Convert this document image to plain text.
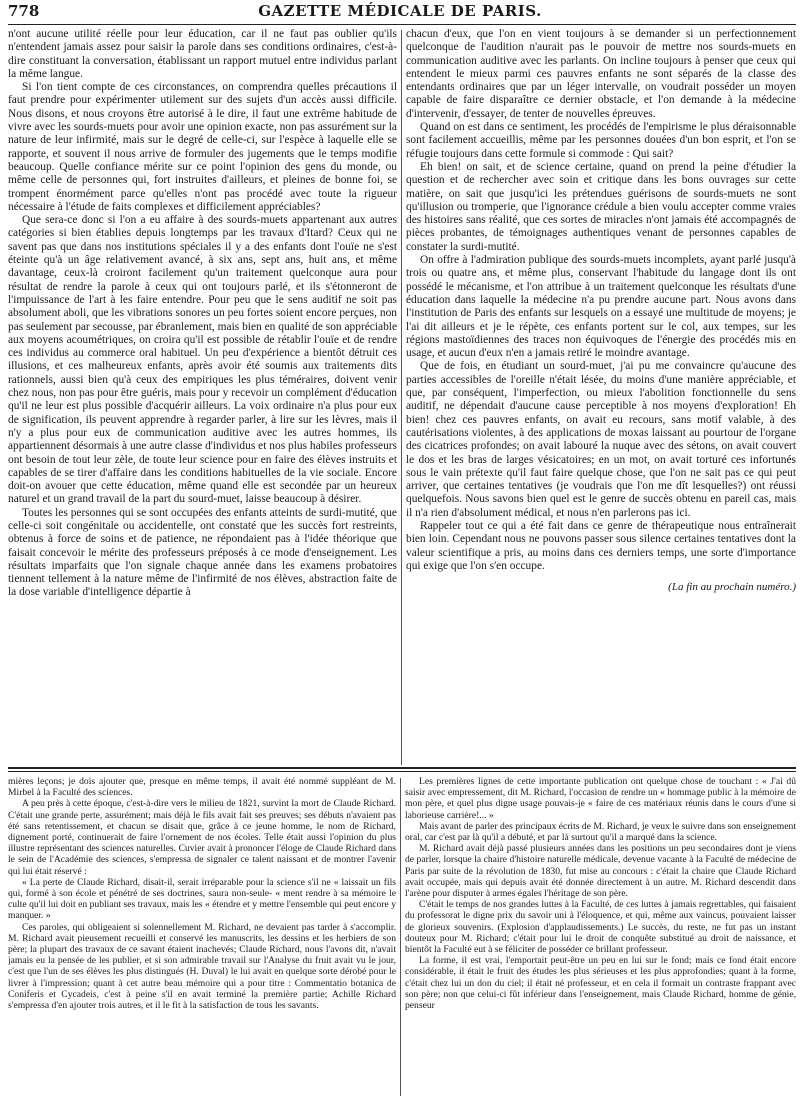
778	GAZETTE MÉDICALE DE PARIS.

n'ont aucune utilité réelle pour leur éducation, car il ne faut pas oublier qu'ils n'entendent jamais assez pour saisir la parole dans ses conditions ordinaires, c'est-à-dire constituant la conversation, établissant un rapport mutuel entre individus parlant la même langue.

Si l'on tient compte de ces circonstances, on comprendra quelles précautions il faut prendre pour expérimenter utilement sur des sujets d'un accès aussi difficile. Nous disons, et nous croyons être autorisé à le dire, il faut une extrême habitude de vivre avec les sourds-muets pour avoir une opinion exacte, non pas assurément sur la nature de leur infirmité, mais sur le degré de celle-ci, sur l'espèce à laquelle elle se rapporte, et souvent il nous arrive de formuler des jugements que le temps modifie beaucoup. Quelle confiance mérite sur ce point l'opinion des gens du monde, ou même celle de personnes qui, fort instruites d'ailleurs, et pleines de bonne foi, se trompent énormément parce qu'elles n'ont pas procédé avec toute la rigueur nécessaire à l'étude de faits complexes et difficilement appréciables?

Que sera-ce donc si l'on a eu affaire à des sourds-muets appartenant aux autres catégories si bien établies depuis longtemps par les travaux d'Itard? Ceux qui ne savent pas que dans nos institutions spéciales il y a des enfants dont l'ouïe ne s'est éteinte qu'à un âge relativement avancé, à six ans, sept ans, huit ans, et même davantage, ceux-là croiront facilement qu'un traitement quelconque aura pour résultat de rendre la parole à ceux qui ont toujours parlé, et ils s'étonneront de l'impuissance de l'art à les faire entendre. Pour peu que le sens auditif ne soit pas absolument aboli, que les vibrations sonores un peu fortes soient encore perçues, non pas seulement par secousse, par ébranlement, mais bien en qualité de son appréciable aux moyens acoumétriques, on croira qu'il est possible de rétablir l'ouïe et de rendre ces individus au commerce oral habituel. Un peu d'expérience a bientôt détruit ces illusions, et ces malheureux enfants, après avoir été soumis aux traitements dits rationnels, aussi bien qu'à ceux des empiriques les plus téméraires, doivent venir chez nous, non pas pour être guéris, mais pour y recevoir un complément d'éducation qu'il ne leur est plus possible d'acquérir ailleurs. La voix ordinaire n'a plus pour eux de signification, ils peuvent apprendre à regarder parler, à lire sur les lèvres, mais il n'y a plus pour eux de communication auditive avec les autres hommes, ils appartiennent désormais à une autre classe d'individus et nos plus habiles professeurs ont besoin de tout leur zèle, de toute leur science pour en faire des élèves instruits et capables de se tirer d'affaire dans les conditions habituelles de la vie sociale. Encore doit-on avouer que cette éducation, même quand elle est secondée par un heureux naturel et un grand travail de la part du sourd-muet, laisse beaucoup à désirer.

Toutes les personnes qui se sont occupées des enfants atteints de surdi-mutité, que celle-ci soit congénitale ou accidentelle, ont constaté que les succès fort restreints, obtenus à force de soins et de patience, ne répondaient pas à l'idée théorique que faisait concevoir le mérite des professeurs préposés à ce mode d'enseignement. Les résultats imparfaits que l'on signale chaque année dans les examens probatoires tiennent tellement à la nature même de l'infirmité de nos élèves, abstraction faite de la dose variable d'intelligence départie à

chacun d'eux, que l'on en vient toujours à se demander si un perfectionnement quelconque de l'audition n'aurait pas le pouvoir de mettre nos sourds-muets en communication auditive avec les parlants. On incline toujours à penser que ceux qui entendent le mieux parmi ces pauvres enfants ne sont séparés de la classe des entendants ordinaires que par un léger intervalle, on voudrait posséder un moyen capable de faire disparaître ce dernier obstacle, et l'on demande à la médecine d'intervenir, d'essayer, de tenter de nouvelles épreuves.

Quand on est dans ce sentiment, les procédés de l'empirisme le plus déraisonnable sont facilement accueillis, même par les personnes douées d'un bon esprit, et l'on se réfugie toujours dans cette formule si commode : Qui sait?

Eh bien! on sait, et de science certaine, quand on prend la peine d'étudier la question et de rechercher avec soin et critique dans les bons ouvrages sur cette matière, on sait que jusqu'ici les prétendues guérisons de sourds-muets ne sont qu'illusion ou tromperie, que l'ignorance crédule a bien voulu accepter comme vraies des histoires sans réalité, que ces sortes de miracles n'ont jamais été accompagnés de pièces probantes, de témoignages authentiques venant de personnes capables de constater la surdi-mutité.

On offre à l'admiration publique des sourds-muets incomplets, ayant parlé jusqu'à trois ou quatre ans, et même plus, conservant l'habitude du langage dont ils ont possédé le mécanisme, et l'on attribue à un traitement quelconque les résultats d'une éducation dans laquelle la médecine n'a pu prendre aucune part. Nous avons dans l'institution de Paris des enfants sur lesquels on a essayé une multitude de moyens; je l'ai dit ailleurs et je le répète, ces enfants portent sur le col, aux tempes, sur les régions mastoïdiennes des traces non équivoques de l'énergie des procédés mis en usage, et aucun d'eux n'en a jamais retiré le moindre avantage.

Que de fois, en étudiant un sourd-muet, j'ai pu me convaincre qu'aucune des parties accessibles de l'oreille n'était lésée, du moins d'une manière appréciable, et que, par conséquent, l'imperfection, ou mieux l'abolition fonctionnelle du sens auditif, ne dépendait d'aucune cause perceptible à nos moyens d'exploration! Eh bien! chez ces pauvres enfants, on avait eu recours, sans motif valable, à des cautérisations violentes, à des applications de moxas laissant au pourtour de l'organe des cicatrices profondes; on avait labouré la nuque avec des sétons, on avait couvert le dos et les bras de larges vésicatoires; en un mot, on avait torturé ces infortunés sous le vain prétexte qu'il faut faire quelque chose, que l'on ne sait pas ce qui peut arriver, que certaines tentatives (je voudrais que l'on me dît lesquelles?) ont réussi quelquefois. Nous savons bien quel est le genre de succès obtenu en pareil cas, mais il n'a rien d'absolument médical, et nous n'en parlerons pas ici.

Rappeler tout ce qui a été fait dans ce genre de thérapeutique nous entraînerait bien loin. Cependant nous ne pouvons passer sous silence certaines tentatives dont la valeur scientifique a pris, au moins dans ces derniers temps, une sorte d'importance qui exige que l'on s'en occupe.

(La fin au prochain numéro.)

mières leçons; je dois ajouter que, presque en même temps, il avait été nommé suppléant de M. Mirbel à la Faculté des sciences.

A peu près à cette époque, c'est-à-dire vers le milieu de 1821, survint la mort de Claude Richard. C'était une grande perte, assurément; mais déjà le fils avait fait ses preuves; ses débuts n'avaient pas été sans retentissement, et chacun se disait que, grâce à ce jeune homme, le nom de Richard, dignement porté, continuerait de faire l'ornement de nos écoles. Telle était aussi l'opinion du plus illustre représentant des sciences naturelles. Cuvier avait à prononcer l'éloge de Claude Richard dans le sein de l'Académie des sciences, s'empressa de signaler ce talent naissant et de montrer l'avenir qui lui était réservé :

« La perte de Claude Richard, disait-il, serait irréparable pour la science s'il ne « laissait un fils qui, formé à son école et pénétré de ses doctrines, saura non-seule- « ment rendre à sa mémoire le culte qu'il lui doit en publiant ses travaux, mais les « étendre et y mettre l'ensemble qui peut encore y manquer. »

Ces paroles, qui obligeaient si solennellement M. Richard, ne devaient pas tarder à s'accomplir. M. Richard avait pieusement recueilli et conservé les manuscrits, les dessins et les herbiers de son père; la plupart des travaux de ce savant étaient inachevés; Claude Richard, nous l'avons dit, n'avait jamais eu la pensée de les publier, et si son admirable travail sur l'Analyse du fruit avait vu le jour, c'est que l'un de ses élèves les plus distingués (H. Duval) le lui avait en quelque sorte dérobé pour le livrer à l'impression; quant à cet autre beau mémoire qui a pour titre : Commentatio botanica de Coniferis et Cycadeis, c'est à peine s'il en avait terminé la première partie; Achille Richard s'empressa d'en ajouter trois autres, et il le fit à la satisfaction de tous les savants.

Les premières lignes de cette importante publication ont quelque chose de touchant : « J'ai dû saisir avec empressement, dit M. Richard, l'occasion de rendre un « hommage public à la mémoire de mon père, et quel plus digne usage pouvais-je « faire de ces matériaux réunis dans le cours d'une si laborieuse carrière!... »

Mais avant de parler des principaux écrits de M. Richard, je veux le suivre dans son enseignement oral, car c'est par là qu'il a débuté, et par là surtout qu'il a marqué dans la science.

M. Richard avait déjà passé plusieurs années dans les positions un peu secondaires dont je viens de parler, lorsque la chaire d'histoire naturelle médicale, devenue vacante à la Faculté de médecine de Paris par suite de la révolution de 1830, fut mise au concours : c'était la chaire que Claude Richard avait occupée, mais qui depuis avait été donnée directement à un autre. M. Richard descendit dans l'arène pour disputer à armes égales l'héritage de son père.

C'était le temps de nos grandes luttes à la Faculté, de ces luttes à jamais regrettables, qui faisaient du professorat le digne prix du savoir uni à l'éloquence, et qui, même aux vaincus, pouvaient laisser de glorieux souvenirs. (Explosion d'applaudissements.) Le succès, du reste, ne fut pas un instant douteux pour M. Richard; c'était pour lui le droit de conquête substitué au droit de naissance, et bientôt la Faculté eut à se féliciter de posséder ce brillant professeur.

La forme, il est vrai, l'emportait peut-être un peu en lui sur le fond; mais ce fond était encore considérable, il était le fruit des études les plus sérieuses et les plus approfondies; quant à la forme, c'était chez lui un don du ciel; il était né professeur, et en cela il formait un contraste frappant avec son père; non que celui-ci fût inférieur dans l'enseignement, mais Claude Richard, homme de génie, penseur
